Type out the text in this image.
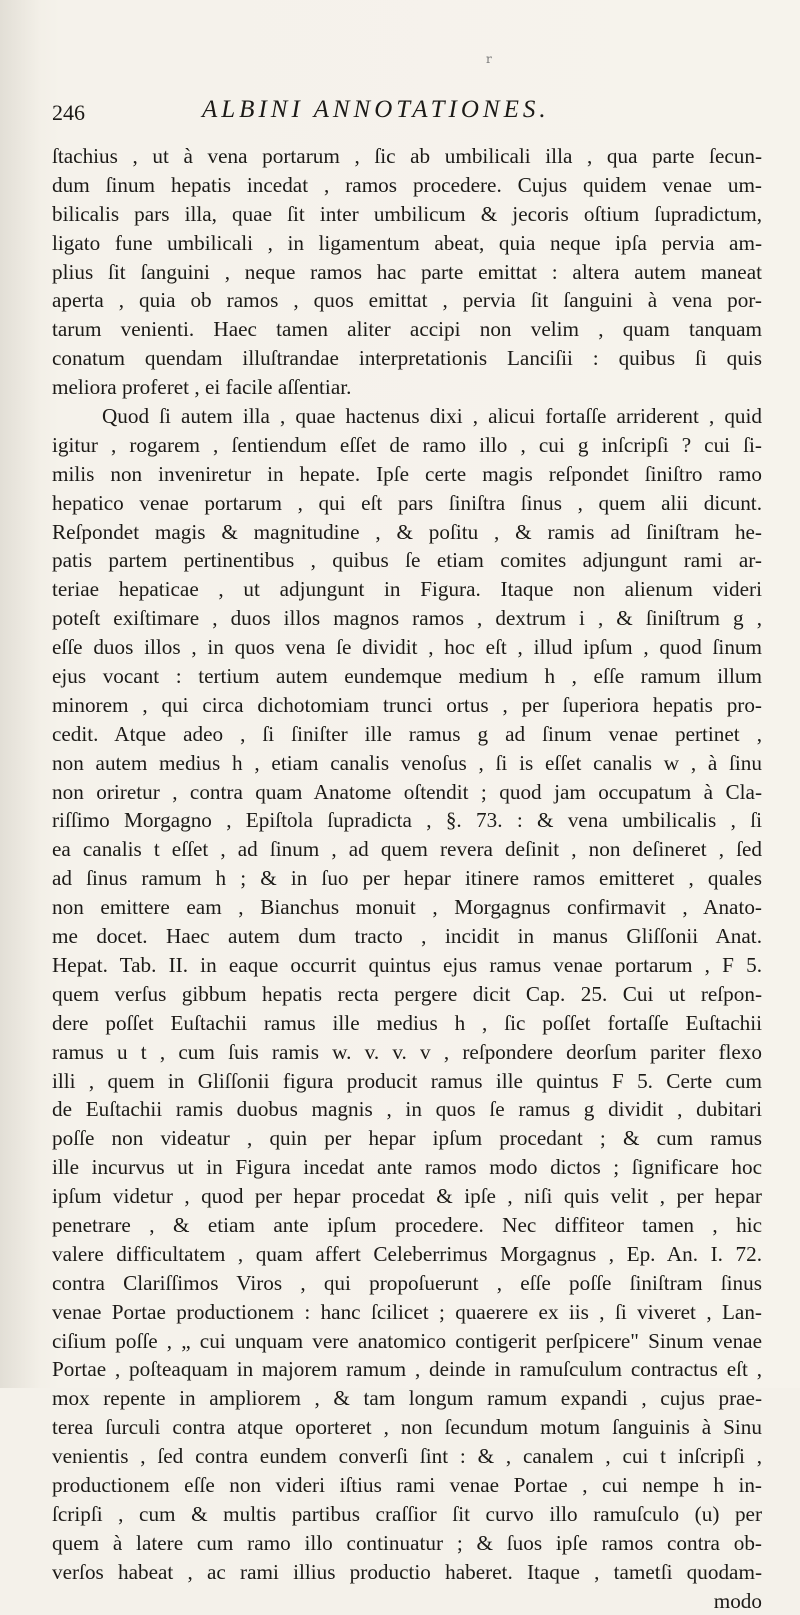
r
246	ALBINI ANNOTATIONES.
ſtachius , ut à vena portarum , ſic ab umbilicali illa , qua parte ſecun-
dum ſinum hepatis incedat , ramos procedere. Cujus quidem venae um-
bilicalis pars illa, quae ſit inter umbilicum & jecoris oſtium ſupradictum,
ligato fune umbilicali , in ligamentum abeat, quia neque ipſa pervia am-
plius ſit ſanguini , neque ramos hac parte emittat : altera autem maneat
aperta , quia ob ramos , quos emittat , pervia ſit ſanguini à vena por-
tarum venienti. Haec tamen aliter accipi non velim , quam tanquam
conatum quendam illuſtrandae interpretationis Lanciſii : quibus ſi quis
meliora proferet , ei facile aſſentiar.
Quod ſi autem illa , quae hactenus dixi , alicui fortaſſe arriderent , quid
igitur , rogarem , ſentiendum eſſet de ramo illo , cui g inſcripſi ? cui ſi-
milis non inveniretur in hepate. Ipſe certe magis reſpondet ſiniſtro ramo
hepatico venae portarum , qui eſt pars ſiniſtra ſinus , quem alii dicunt.
Reſpondet magis & magnitudine , & poſitu , & ramis ad ſiniſtram he-
patis partem pertinentibus , quibus ſe etiam comites adjungunt rami ar-
teriae hepaticae , ut adjungunt in Figura. Itaque non alienum videri
poteſt exiſtimare , duos illos magnos ramos , dextrum i , & ſiniſtrum g ,
eſſe duos illos , in quos vena ſe dividit , hoc eſt , illud ipſum , quod ſinum
ejus vocant : tertium autem eundemque medium h , eſſe ramum illum
minorem , qui circa dichotomiam trunci ortus , per ſuperiora hepatis pro-
cedit. Atque adeo , ſi ſiniſter ille ramus g ad ſinum venae pertinet ,
non autem medius h , etiam canalis venoſus , ſi is eſſet canalis w , à ſinu
non oriretur , contra quam Anatome oſtendit ; quod jam occupatum à Cla-
riſſimo Morgagno , Epiſtola ſupradicta , §. 73. : & vena umbilicalis , ſi
ea canalis t eſſet , ad ſinum , ad quem revera deſinit , non deſineret , ſed
ad ſinus ramum h ; & in ſuo per hepar itinere ramos emitteret , quales
non emittere eam , Bianchus monuit , Morgagnus confirmavit , Anato-
me docet. Haec autem dum tracto , incidit in manus Gliſſonii Anat.
Hepat. Tab. II. in eaque occurrit quintus ejus ramus venae portarum , F 5.
quem verſus gibbum hepatis recta pergere dicit Cap. 25. Cui ut reſpon-
dere poſſet Euſtachii ramus ille medius h , ſic poſſet fortaſſe Euſtachii
ramus u t , cum ſuis ramis w. v. v. v , reſpondere deorſum pariter flexo
illi , quem in Gliſſonii figura producit ramus ille quintus F 5. Certe cum
de Euſtachii ramis duobus magnis , in quos ſe ramus g dividit , dubitari
poſſe non videatur , quin per hepar ipſum procedant ; & cum ramus
ille incurvus ut in Figura incedat ante ramos modo dictos ; ſignificare hoc
ipſum videtur , quod per hepar procedat & ipſe , niſi quis velit , per hepar
penetrare , & etiam ante ipſum procedere. Nec diffiteor tamen , hic
valere difficultatem , quam affert Celeberrimus Morgagnus , Ep. An. I. 72.
contra Clariſſimos Viros , qui propoſuerunt , eſſe poſſe ſiniſtram ſinus
venae Portae productionem : hanc ſcilicet ; quaerere ex iis , ſi viveret , Lan-
ciſium poſſe , „ cui unquam vere anatomico contigerit perſpicere" Sinum venae
Portae , poſteaquam in majorem ramum , deinde in ramuſculum contractus eſt ,
mox repente in ampliorem , & tam longum ramum expandi , cujus prae-
terea ſurculi contra atque oporteret , non ſecundum motum ſanguinis à Sinu
venientis , ſed contra eundem converſi ſint : & , canalem , cui t inſcripſi ,
productionem eſſe non videri iſtius rami venae Portae , cui nempe h in-
ſcripſi , cum & multis partibus craſſior ſit curvo illo ramuſculo (u) per
quem à latere cum ramo illo continuatur ; & ſuos ipſe ramos contra ob-
verſos habeat , ac rami illius productio haberet. Itaque , tametſi quodam-
modo
